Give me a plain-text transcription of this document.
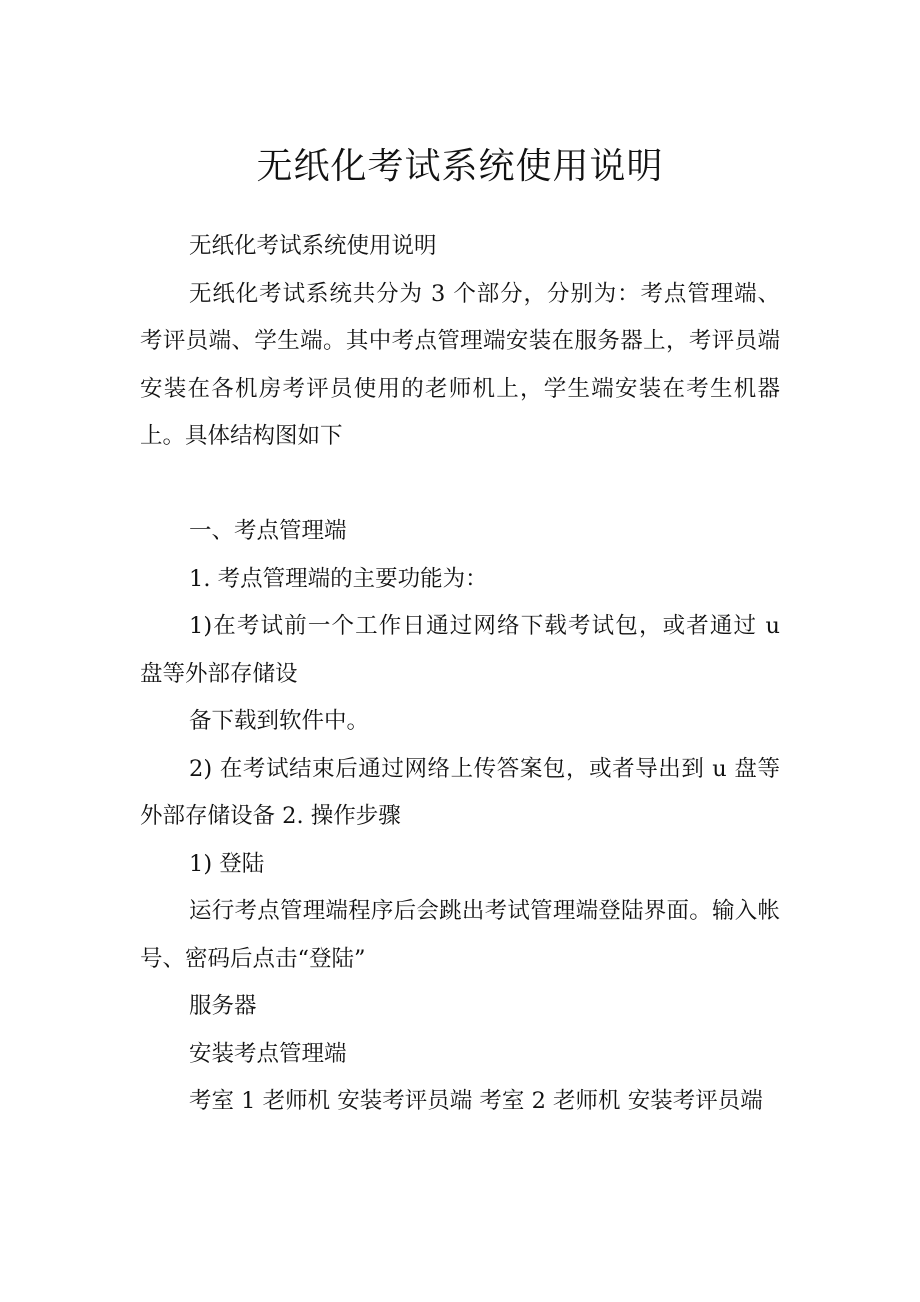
无纸化考试系统使用说明

无纸化考试系统使用说明

无纸化考试系统共分为 3 个部分，分别为：考点管理端、考评员端、学生端。其中考点管理端安装在服务器上，考评员端安装在各机房考评员使用的老师机上，学生端安装在考生机器上。具体结构图如下

一、考点管理端

1. 考点管理端的主要功能为：

1)在考试前一个工作日通过网络下载考试包，或者通过 u 盘等外部存储设

备下载到软件中。

2) 在考试结束后通过网络上传答案包，或者导出到 u 盘等外部存储设备 2. 操作步骤

1) 登陆

运行考点管理端程序后会跳出考试管理端登陆界面。输入帐号、密码后点击“登陆”

服务器

安装考点管理端

考室 1 老师机 安装考评员端 考室 2 老师机 安装考评员端
